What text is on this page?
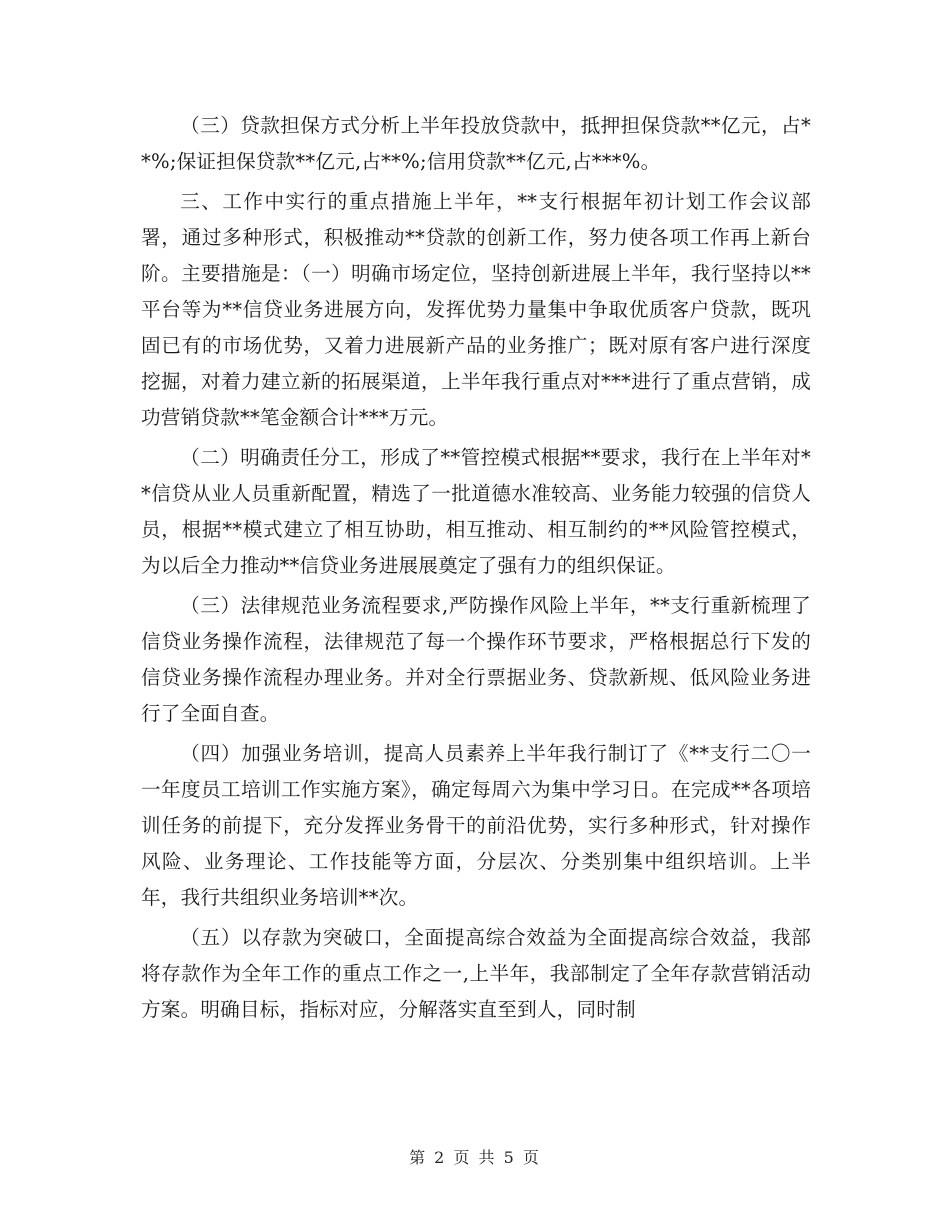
（三）贷款担保方式分析上半年投放贷款中，抵押担保贷款**亿元，占**%;保证担保贷款**亿元,占**%;信用贷款**亿元,占***%。

三、工作中实行的重点措施上半年，**支行根据年初计划工作会议部署，通过多种形式，积极推动**贷款的创新工作，努力使各项工作再上新台阶。主要措施是：（一）明确市场定位，坚持创新进展上半年，我行坚持以**平台等为**信贷业务进展方向，发挥优势力量集中争取优质客户贷款，既巩固已有的市场优势，又着力进展新产品的业务推广；既对原有客户进行深度挖掘，对着力建立新的拓展渠道，上半年我行重点对***进行了重点营销，成功营销贷款**笔金额合计***万元。

（二）明确责任分工，形成了**管控模式根据**要求，我行在上半年对**信贷从业人员重新配置，精选了一批道德水准较高、业务能力较强的信贷人员，根据**模式建立了相互协助，相互推动、相互制约的**风险管控模式，为以后全力推动**信贷业务进展展奠定了强有力的组织保证。

（三）法律规范业务流程要求,严防操作风险上半年，**支行重新梳理了信贷业务操作流程，法律规范了每一个操作环节要求，严格根据总行下发的信贷业务操作流程办理业务。并对全行票据业务、贷款新规、低风险业务进行了全面自查。

（四）加强业务培训，提高人员素养上半年我行制订了《**支行二〇一一年度员工培训工作实施方案》，确定每周六为集中学习日。在完成**各项培训任务的前提下，充分发挥业务骨干的前沿优势，实行多种形式，针对操作风险、业务理论、工作技能等方面，分层次、分类别集中组织培训。上半年，我行共组织业务培训**次。

（五）以存款为突破口，全面提高综合效益为全面提高综合效益，我部将存款作为全年工作的重点工作之一,上半年，我部制定了全年存款营销活动方案。明确目标，指标对应，分解落实直至到人，同时制

第 2 页 共 5 页
